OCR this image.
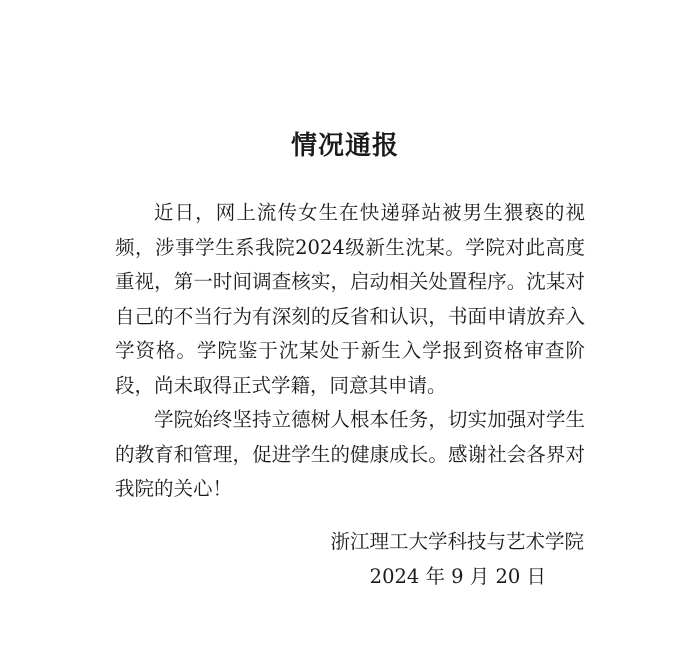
情况通报

近日，网上流传女生在快递驿站被男生猥亵的视频，涉事学生系我院2024级新生沈某。学院对此高度重视，第一时间调查核实，启动相关处置程序。沈某对自己的不当行为有深刻的反省和认识，书面申请放弃入学资格。学院鉴于沈某处于新生入学报到资格审查阶段，尚未取得正式学籍，同意其申请。

学院始终坚持立德树人根本任务，切实加强对学生的教育和管理，促进学生的健康成长。感谢社会各界对我院的关心！

浙江理工大学科技与艺术学院
2024 年 9 月 20 日
